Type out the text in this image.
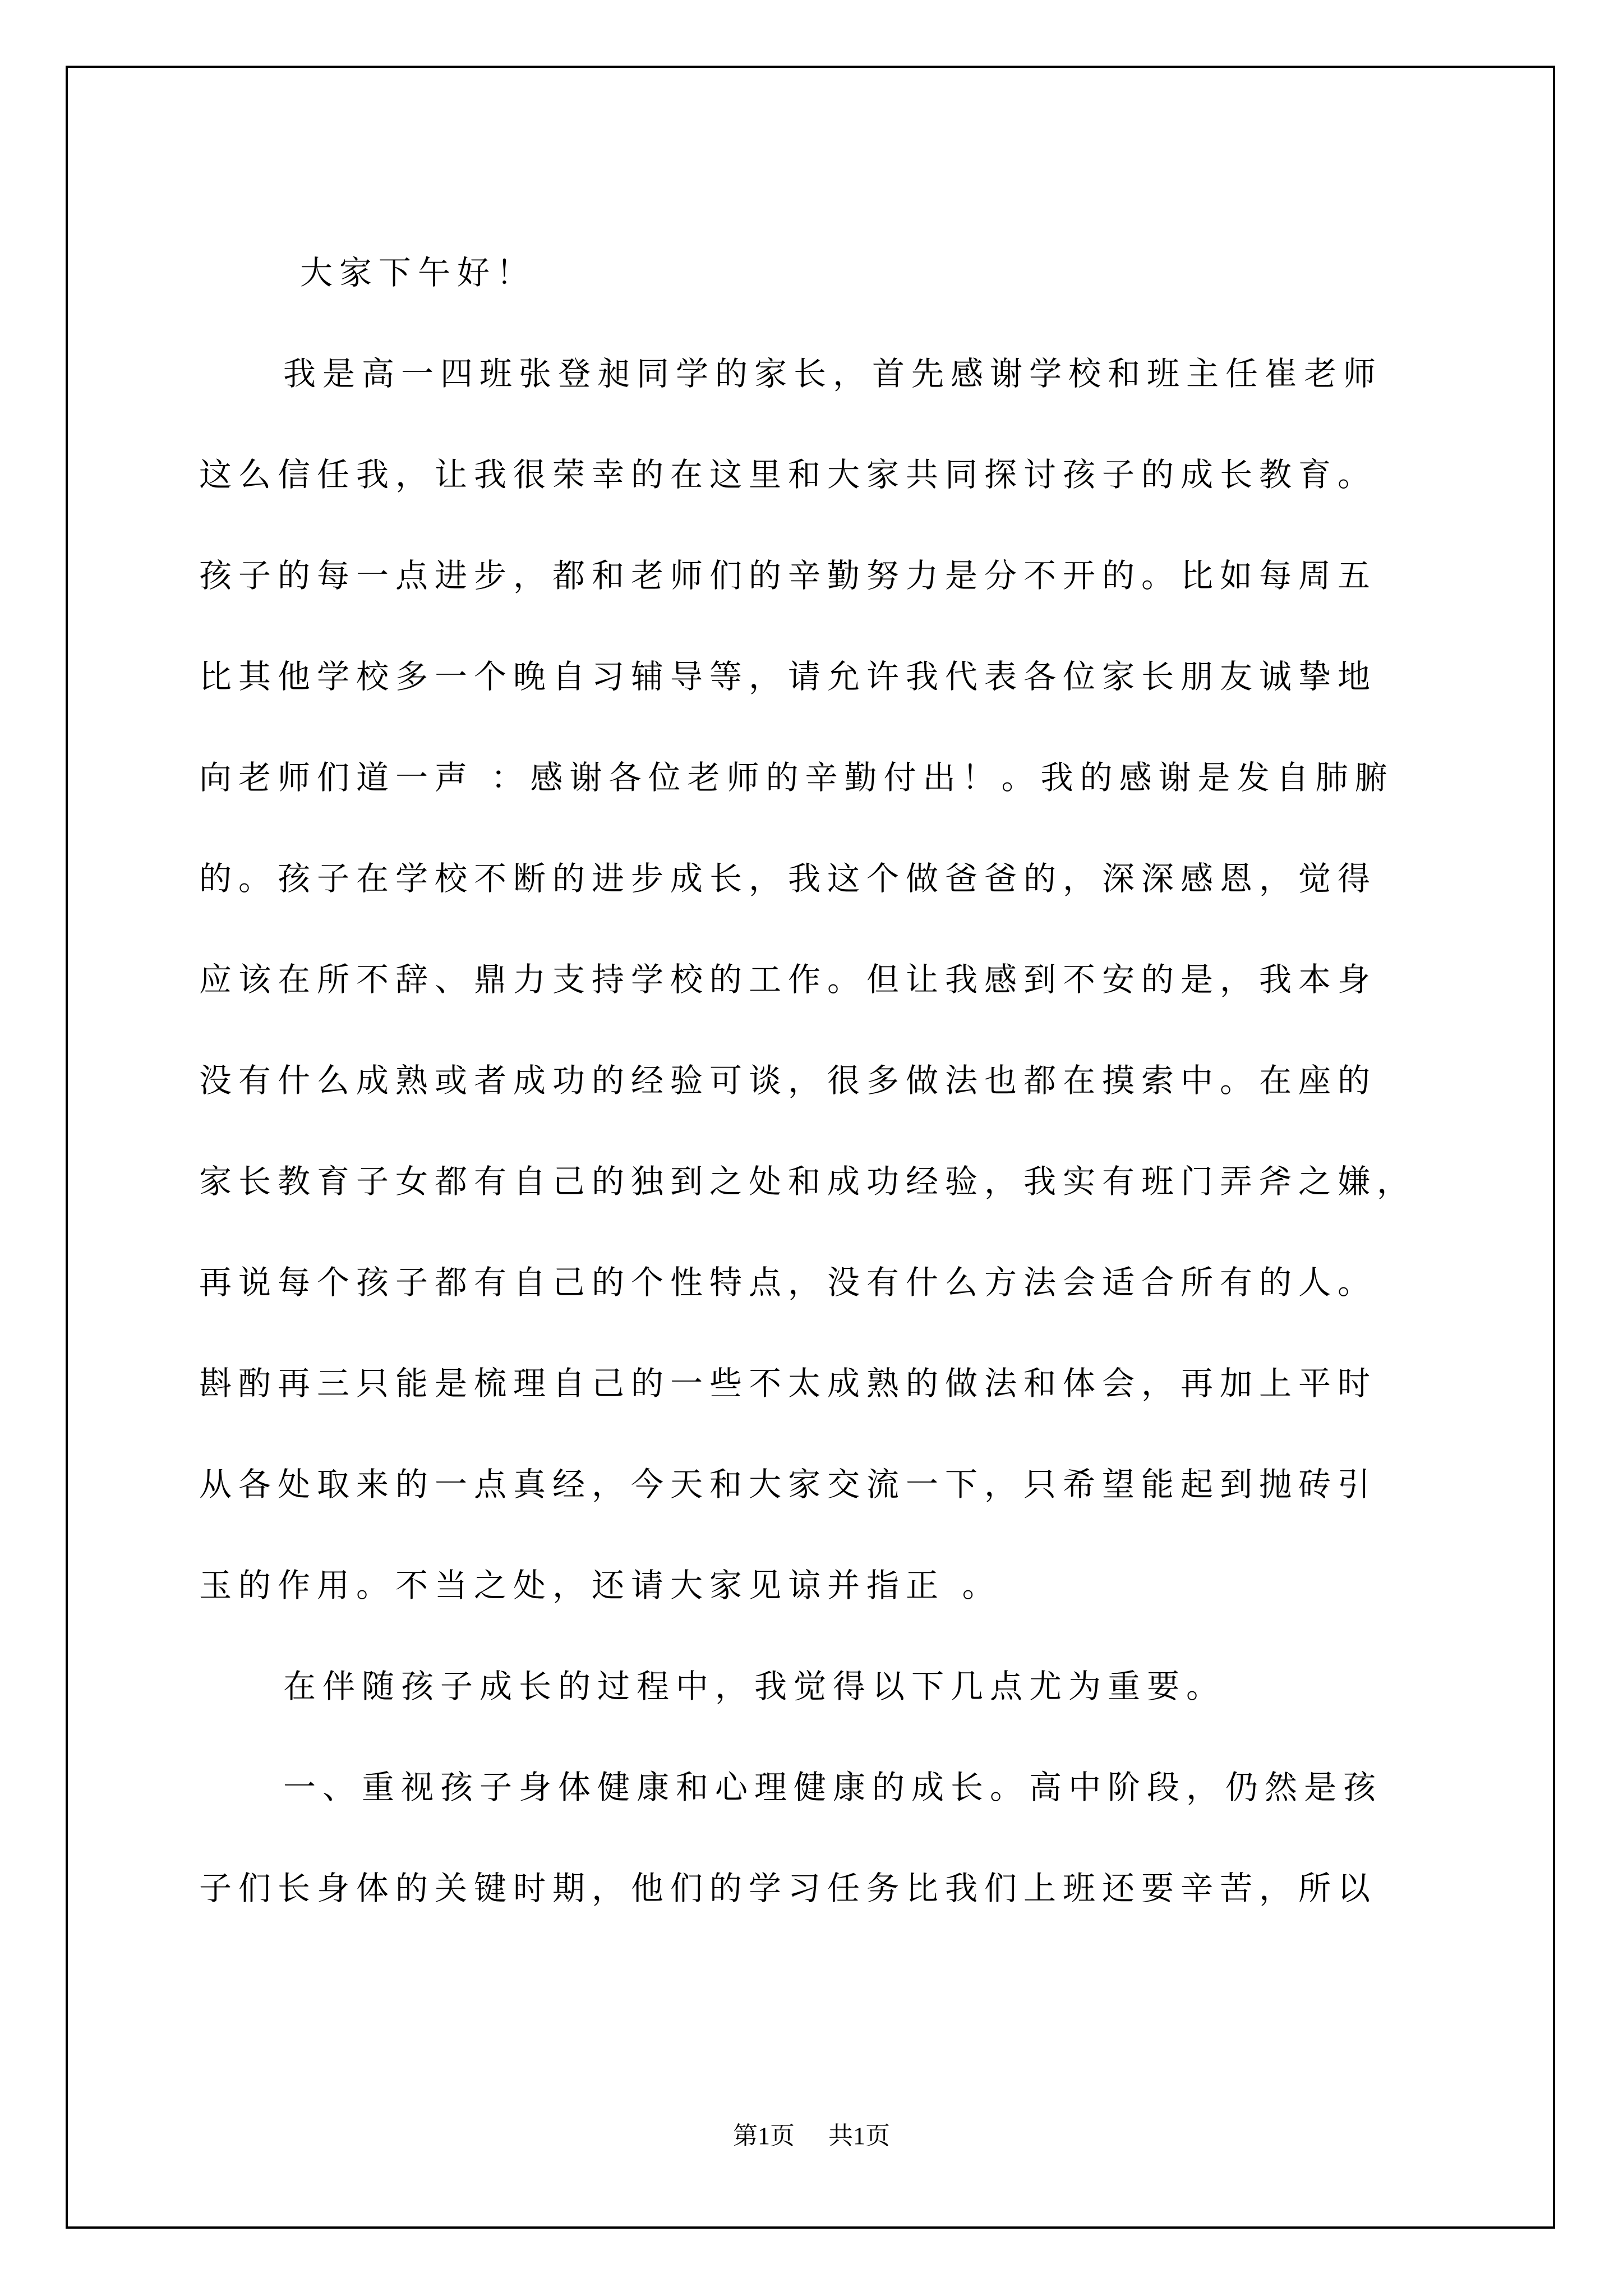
大家下午好！
我是高一四班张登昶同学的家长，首先感谢学校和班主任崔老师
这么信任我，让我很荣幸的在这里和大家共同探讨孩子的成长教育。
孩子的每一点进步，都和老师们的辛勤努力是分不开的。比如每周五
比其他学校多一个晚自习辅导等，请允许我代表各位家长朋友诚挚地
向老师们道一声 ：感谢各位老师的辛勤付出！。我的感谢是发自肺腑
的。孩子在学校不断的进步成长，我这个做爸爸的，深深感恩，觉得
应该在所不辞、鼎力支持学校的工作。但让我感到不安的是，我本身
没有什么成熟或者成功的经验可谈，很多做法也都在摸索中。在座的
家长教育子女都有自己的独到之处和成功经验，我实有班门弄斧之嫌，
再说每个孩子都有自己的个性特点，没有什么方法会适合所有的人。
斟酌再三只能是梳理自己的一些不太成熟的做法和体会，再加上平时
从各处取来的一点真经，今天和大家交流一下，只希望能起到抛砖引
玉的作用。不当之处，还请大家见谅并指正 。
在伴随孩子成长的过程中，我觉得以下几点尤为重要。
一、重视孩子身体健康和心理健康的成长。高中阶段，仍然是孩
子们长身体的关键时期，他们的学习任务比我们上班还要辛苦，所以
第1页 共1页
